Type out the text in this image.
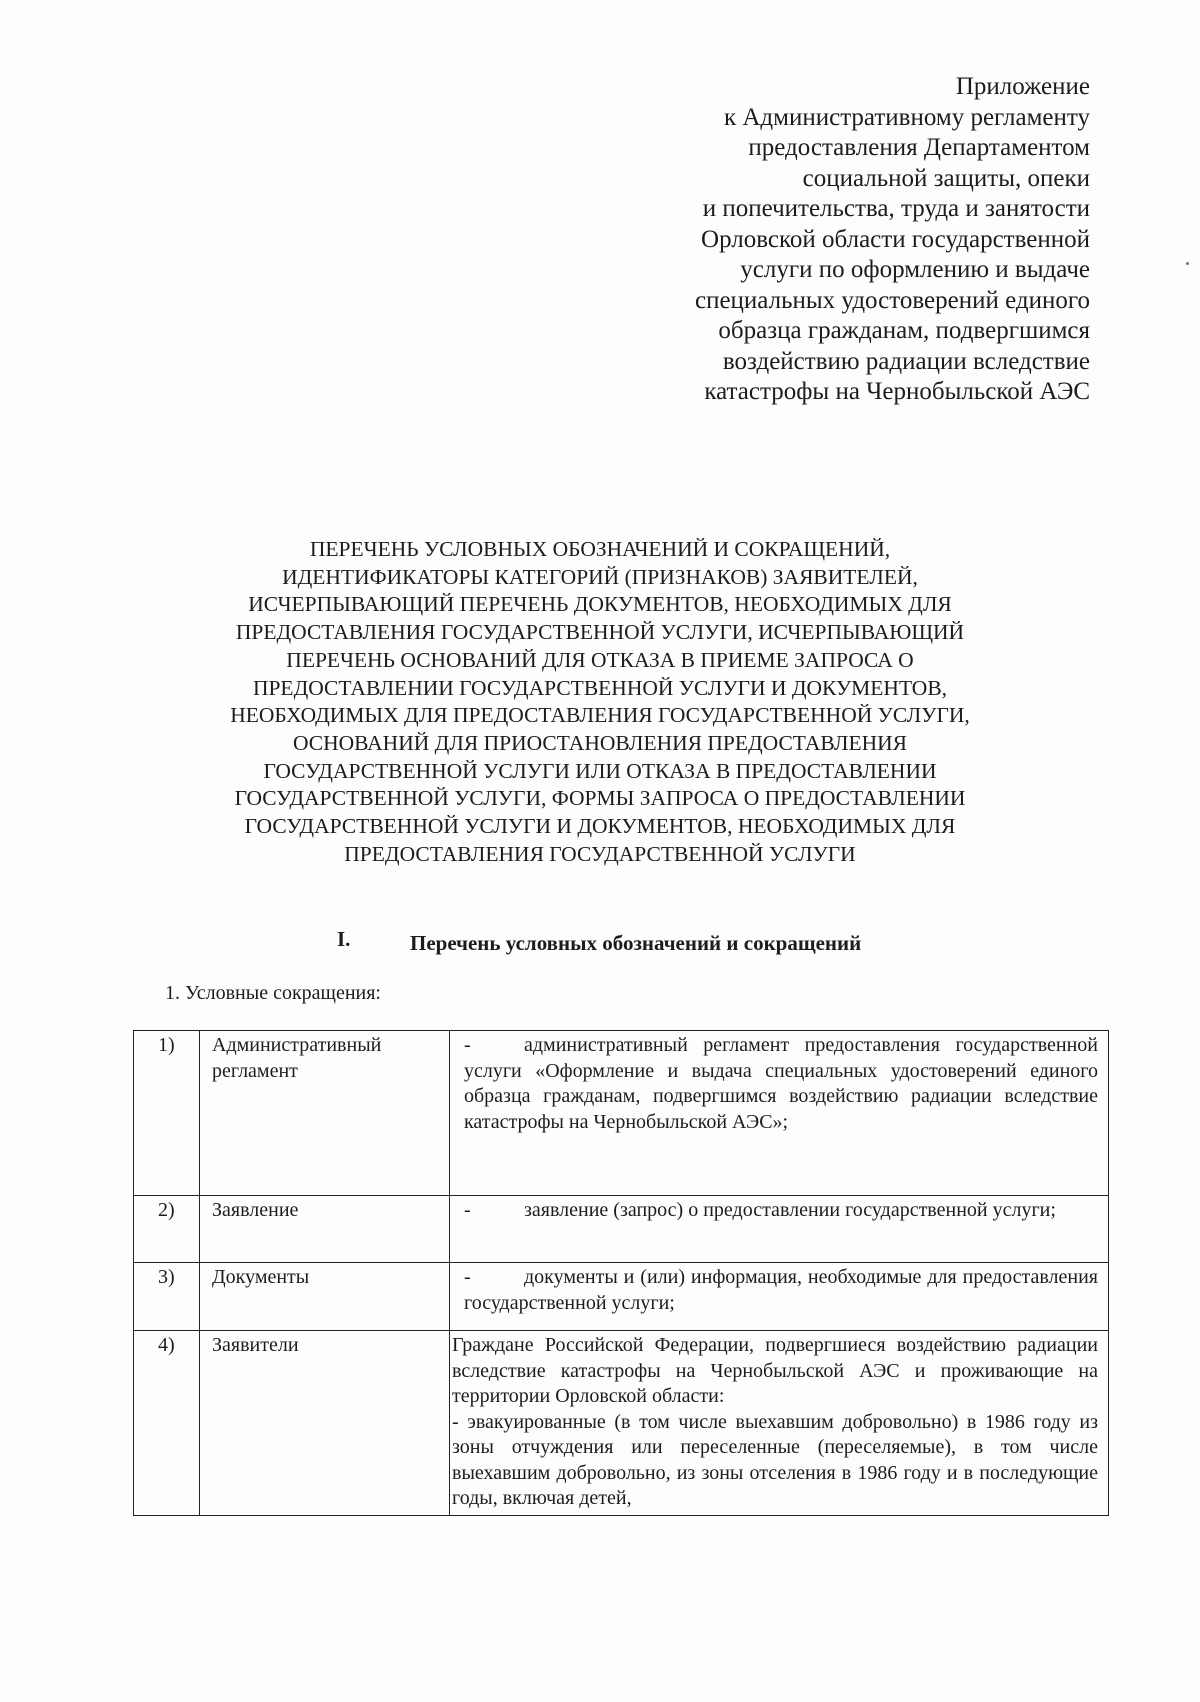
Приложение
к Административному регламенту
предоставления Департаментом
социальной защиты, опеки
и попечительства, труда и занятости
Орловской области государственной
услуги по оформлению и выдаче
специальных удостоверений единого
образца гражданам, подвергшимся
воздействию радиации вследствие
катастрофы на Чернобыльской АЭС
ПЕРЕЧЕНЬ УСЛОВНЫХ ОБОЗНАЧЕНИЙ И СОКРАЩЕНИЙ,
ИДЕНТИФИКАТОРЫ КАТЕГОРИЙ (ПРИЗНАКОВ) ЗАЯВИТЕЛЕЙ,
ИСЧЕРПЫВАЮЩИЙ ПЕРЕЧЕНЬ ДОКУМЕНТОВ, НЕОБХОДИМЫХ ДЛЯ
ПРЕДОСТАВЛЕНИЯ ГОСУДАРСТВЕННОЙ УСЛУГИ, ИСЧЕРПЫВАЮЩИЙ
ПЕРЕЧЕНЬ ОСНОВАНИЙ ДЛЯ ОТКАЗА В ПРИЕМЕ ЗАПРОСА О
ПРЕДОСТАВЛЕНИИ ГОСУДАРСТВЕННОЙ УСЛУГИ И ДОКУМЕНТОВ,
НЕОБХОДИМЫХ ДЛЯ ПРЕДОСТАВЛЕНИЯ ГОСУДАРСТВЕННОЙ УСЛУГИ,
ОСНОВАНИЙ ДЛЯ ПРИОСТАНОВЛЕНИЯ ПРЕДОСТАВЛЕНИЯ
ГОСУДАРСТВЕННОЙ УСЛУГИ ИЛИ ОТКАЗА В ПРЕДОСТАВЛЕНИИ
ГОСУДАРСТВЕННОЙ УСЛУГИ, ФОРМЫ ЗАПРОСА О ПРЕДОСТАВЛЕНИИ
ГОСУДАРСТВЕННОЙ УСЛУГИ И ДОКУМЕНТОВ, НЕОБХОДИМЫХ ДЛЯ
ПРЕДОСТАВЛЕНИЯ ГОСУДАРСТВЕННОЙ УСЛУГИ
I.	Перечень условных обозначений и сокращений
1. Условные сокращения:
1)	Административный регламент	- административный регламент предоставления государственной услуги «Оформление и выдача специальных удостоверений единого образца гражданам, подвергшимся воздействию радиации вследствие катастрофы на Чернобыльской АЭС»;
2)	Заявление	- заявление (запрос) о предоставлении государственной услуги;
3)	Документы	- документы и (или) информация, необходимые для предоставления государственной услуги;
4)	Заявители	Граждане Российской Федерации, подвергшиеся воздействию радиации вследствие катастрофы на Чернобыльской АЭС и проживающие на территории Орловской области:
- эвакуированные (в том числе выехавшим добровольно) в 1986 году из зоны отчуждения или переселенные (переселяемые), в том числе выехавшим добровольно, из зоны отселения в 1986 году и в последующие годы, включая детей,
